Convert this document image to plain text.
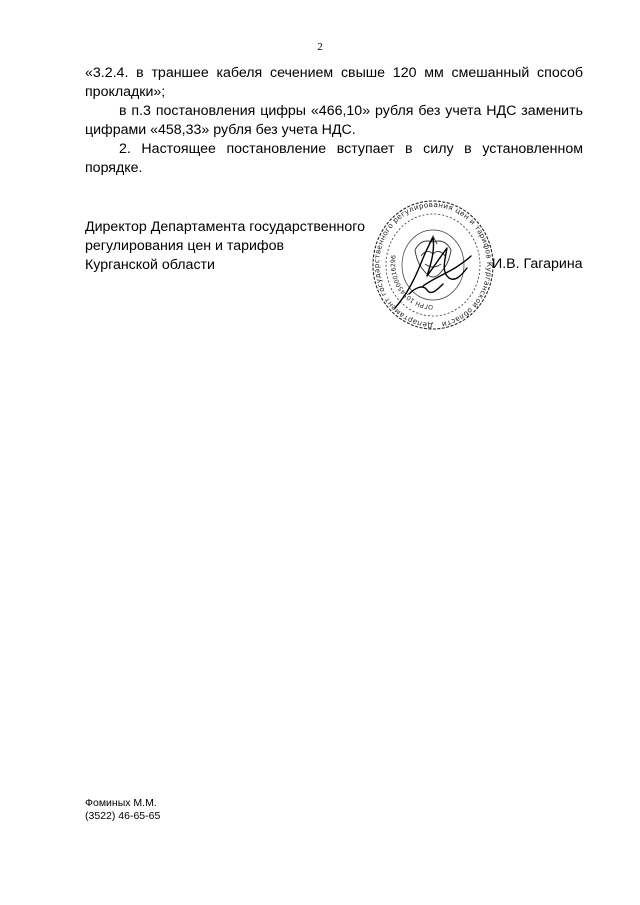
2

«3.2.4. в траншее кабеля сечением свыше 120 мм смешанный способ прокладки»;

в п.3 постановления цифры «466,10» рубля без учета НДС заменить цифрами «458,33» рубля без учета НДС.

2. Настоящее постановление вступает в силу в установленном порядке.

Директор Департамента государственного
регулирования цен и тарифов
Курганской области
Департамент государственного регулирования цен и тарифов Курганской области
ОГРН 1054500016296	И.В. Гагарина
Фоминых М.М.
(3522) 46-65-65
